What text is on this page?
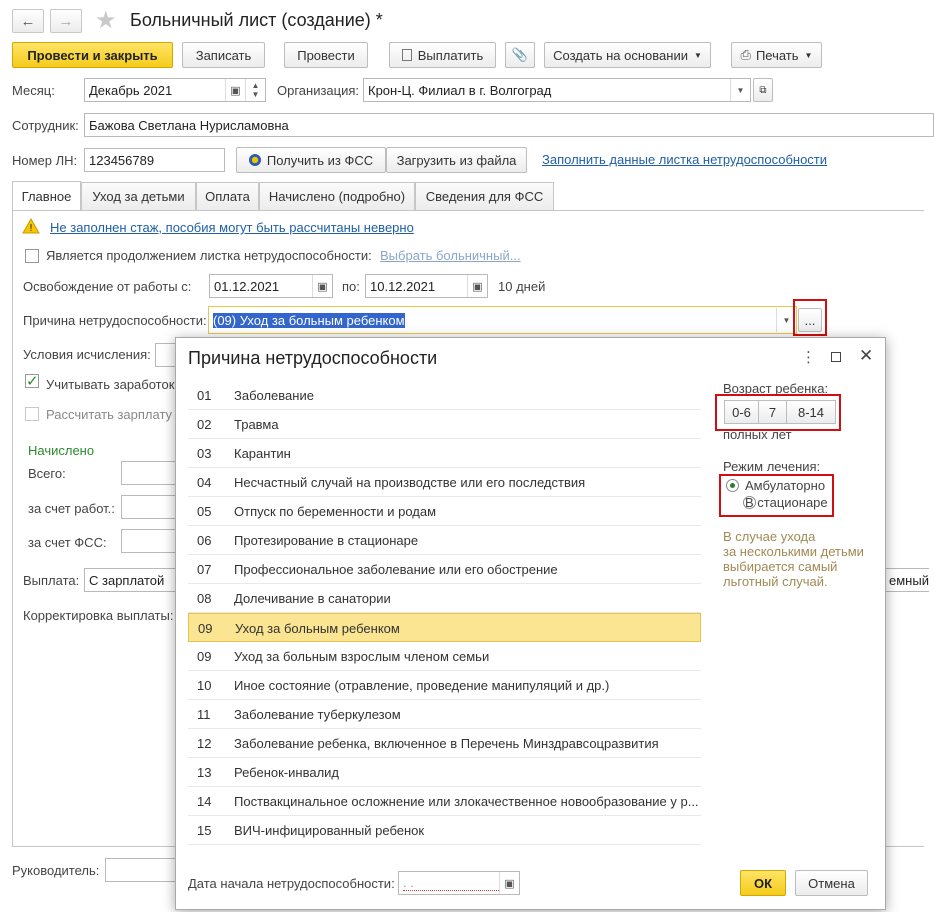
← → ★ Больничный лист (создание) *
Провести и закрыть	Записать	Провести	Выплатить 📎 Создать на основании ▼	⎙ Печать ▼
Месяц:	Декабрь 2021	▣	▲
▼	Организация: Крон-Ц. Филиал в г. Волгоград	▼	⧉
Сотрудник: Бажова Светлана Нурисламовна
Номер ЛН: 123456789	Получить из ФСС	Загрузить из файла	Заполнить данные листка нетрудоспособности
Главное	Уход за детьми	Оплата	Начислено (подробно)	Сведения для ФСС
! Не заполнен стаж, пособия могут быть рассчитаны неверно
Является продолжением листка нетрудоспособности: Выбрать больничный...
Освобождение от работы с: 01.12.2021	▣	по: 10.12.2021	▣	10 дней
Причина нетрудоспособности: (09) Уход за больным ребенком	▼	...
Условия исчисления:
✓ Учитывать заработок
Рассчитать зарплату
Начислено
Всего:
за счет работ.:
за счет ФСС:
Выплата: С зарплатой	емный
Корректировка выплаты:
Руководитель:
Причина нетрудоспособности	⋮	✕
01 Заболевание
02 Травма
03 Карантин
04 Несчастный случай на производстве или его последствия
05 Отпуск по беременности и родам
06 Протезирование в стационаре
07 Профессиональное заболевание или его обострение
08 Долечивание в санатории
09 Уход за больным ребенком
09 Уход за больным взрослым членом семьи
10 Иное состояние (отравление, проведение манипуляций и др.)
11 Заболевание туберкулезом
12 Заболевание ребенка, включенное в Перечень Минздравсоцразвития
13 Ребенок-инвалид
14 Поствакцинальное осложнение или злокачественное новообразование у р...
15 ВИЧ-инфицированный ребенок
Возраст ребенка:
0-6	7	8-14
полных лет
Режим лечения:

Амбулаторно
В стационаре
В случае ухода
за несколькими детьми
выбирается самый
льготный случай.
Дата начала нетрудоспособности: . .	▣	ОК	Отмена
